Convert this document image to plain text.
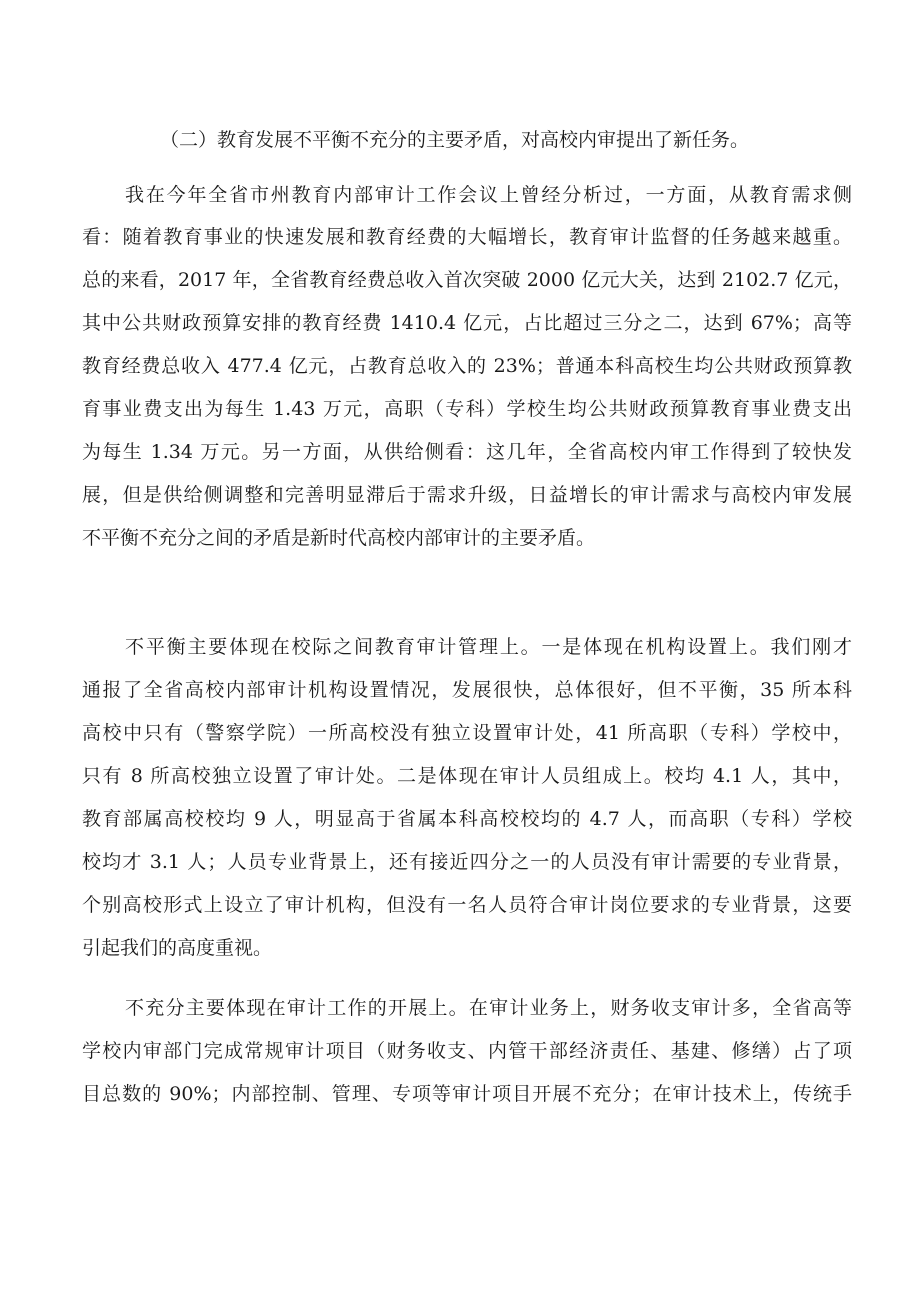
（二）教育发展不平衡不充分的主要矛盾，对高校内审提出了新任务。
我在今年全省市州教育内部审计工作会议上曾经分析过，一方面，从教育需求侧
看：随着教育事业的快速发展和教育经费的大幅增长，教育审计监督的任务越来越重。
总的来看，2017 年，全省教育经费总收入首次突破 2000 亿元大关，达到 2102.7 亿元，
其中公共财政预算安排的教育经费 1410.4 亿元，占比超过三分之二，达到 67%；高等
教育经费总收入 477.4 亿元，占教育总收入的 23%；普通本科高校生均公共财政预算教
育事业费支出为每生 1.43 万元，高职（专科）学校生均公共财政预算教育事业费支出
为每生 1.34 万元。另一方面，从供给侧看：这几年，全省高校内审工作得到了较快发
展，但是供给侧调整和完善明显滞后于需求升级，日益增长的审计需求与高校内审发展
不平衡不充分之间的矛盾是新时代高校内部审计的主要矛盾。
不平衡主要体现在校际之间教育审计管理上。一是体现在机构设置上。我们刚才
通报了全省高校内部审计机构设置情况，发展很快，总体很好，但不平衡，35 所本科
高校中只有（警察学院）一所高校没有独立设置审计处，41 所高职（专科）学校中，
只有 8 所高校独立设置了审计处。二是体现在审计人员组成上。校均 4.1 人，其中，
教育部属高校校均 9 人，明显高于省属本科高校校均的 4.7 人，而高职（专科）学校
校均才 3.1 人；人员专业背景上，还有接近四分之一的人员没有审计需要的专业背景，
个别高校形式上设立了审计机构，但没有一名人员符合审计岗位要求的专业背景，这要
引起我们的高度重视。
不充分主要体现在审计工作的开展上。在审计业务上，财务收支审计多，全省高等
学校内审部门完成常规审计项目（财务收支、内管干部经济责任、基建、修缮）占了项
目总数的 90%；内部控制、管理、专项等审计项目开展不充分；在审计技术上，传统手
